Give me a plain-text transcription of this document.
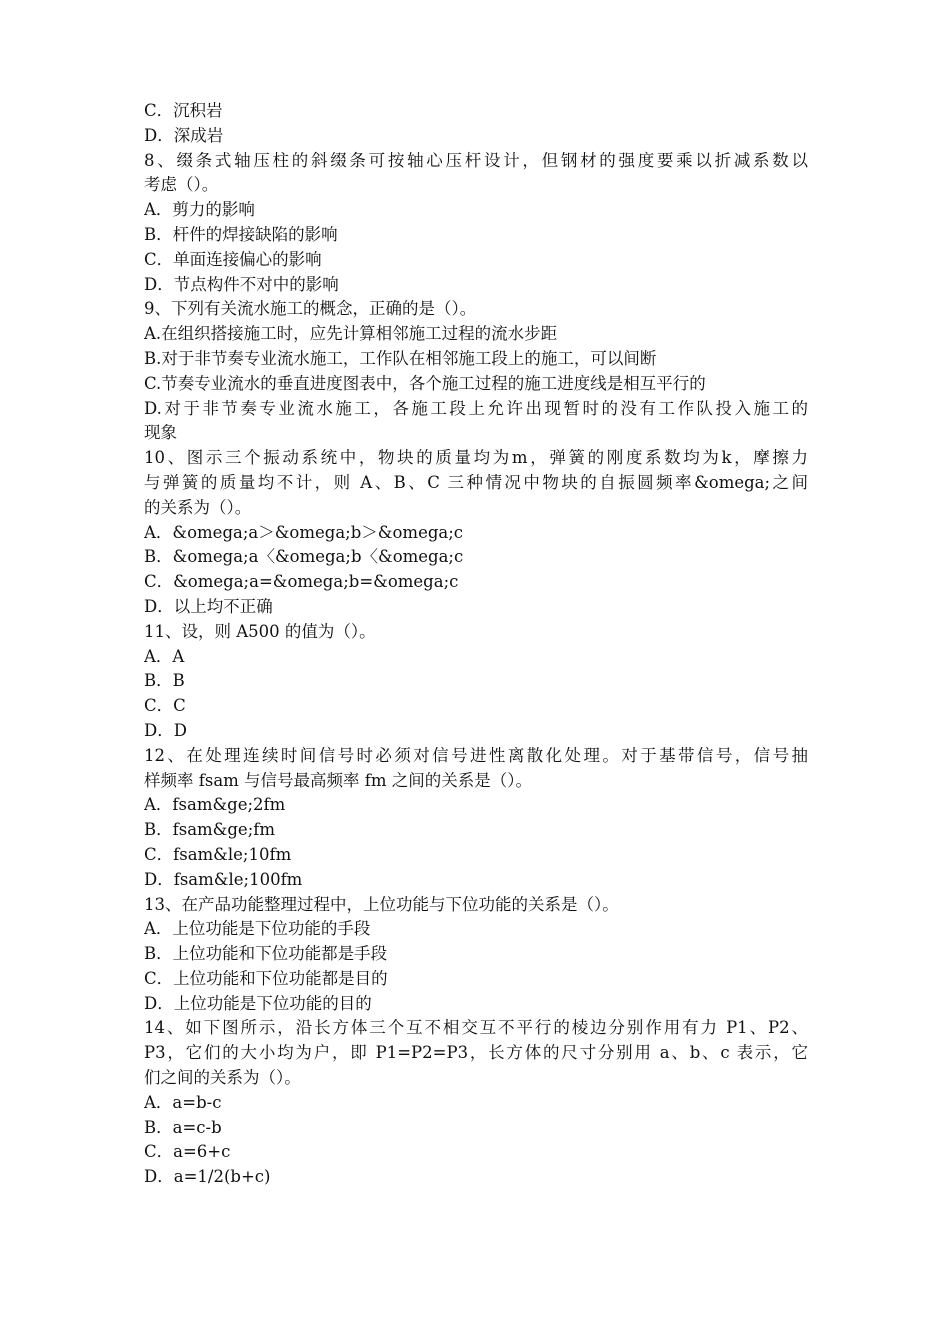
C．沉积岩
D．深成岩
8、缀条式轴压柱的斜缀条可按轴心压杆设计，但钢材的强度要乘以折减系数以
考虑（）。
A．剪力的影响
B．杆件的焊接缺陷的影响
C．单面连接偏心的影响
D．节点构件不对中的影响
9、下列有关流水施工的概念，正确的是（）。
A.在组织搭接施工时，应先计算相邻施工过程的流水步距
B.对于非节奏专业流水施工，工作队在相邻施工段上的施工，可以间断
C.节奏专业流水的垂直进度图表中，各个施工过程的施工进度线是相互平行的
D.对于非节奏专业流水施工，各施工段上允许出现暂时的没有工作队投入施工的
现象
10、图示三个振动系统中，物块的质量均为m，弹簧的刚度系数均为k，摩擦力
与弹簧的质量均不计，则 A、B、C 三种情况中物块的自振圆频率&omega;之间
的关系为（）。
A．&omega;a＞&omega;b＞&omega;c
B．&omega;a〈&omega;b〈&omega;c
C．&omega;a=&omega;b=&omega;c
D．以上均不正确
11、设，则 A500 的值为（）。
A．A
B．B
C．C
D．D
12、在处理连续时间信号时必须对信号进性离散化处理。对于基带信号，信号抽
样频率 fsam 与信号最高频率 fm 之间的关系是（）。
A．fsam&ge;2fm
B．fsam&ge;fm
C．fsam&le;10fm
D．fsam&le;100fm
13、在产品功能整理过程中，上位功能与下位功能的关系是（）。
A．上位功能是下位功能的手段
B．上位功能和下位功能都是手段
C．上位功能和下位功能都是目的
D．上位功能是下位功能的目的
14、如下图所示，沿长方体三个互不相交互不平行的棱边分别作用有力 P1、P2、
P3，它们的大小均为户，即 P1=P2=P3，长方体的尺寸分别用 a、b、c 表示，它
们之间的关系为（）。
A．a=b-c
B．a=c-b
C．a=6+c
D．a=1/2(b+c)
